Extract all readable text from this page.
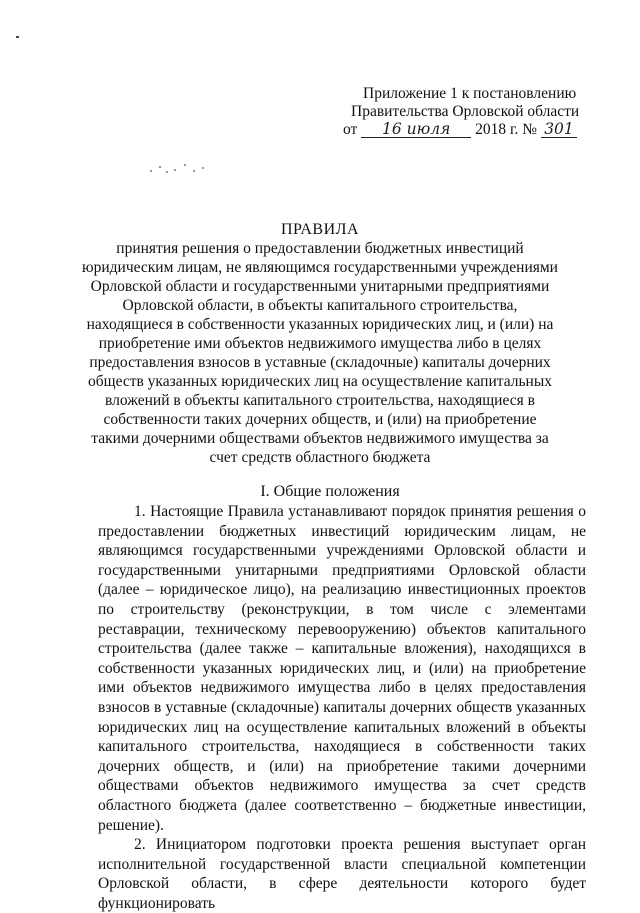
Приложение 1 к постановлению
Правительства Орловской области
от 16 июля 2018 г. № 301
ПРАВИЛА
принятия решения о предоставлении бюджетных инвестиций юридическим лицам, не являющимся государственными учреждениями Орловской области и государственными унитарными предприятиями Орловской области, в объекты капитального строительства, находящиеся в собственности указанных юридических лиц, и (или) на приобретение ими объектов недвижимого имущества либо в целях предоставления взносов в уставные (складочные) капиталы дочерних обществ указанных юридических лиц на осуществление капитальных вложений в объекты капитального строительства, находящиеся в собственности таких дочерних обществ, и (или) на приобретение такими дочерними обществами объектов недвижимого имущества за счет средств областного бюджета
I. Общие положения

1. Настоящие Правила устанавливают порядок принятия решения о предоставлении бюджетных инвестиций юридическим лицам, не являющимся государственными учреждениями Орловской области и государственными унитарными предприятиями Орловской области (далее – юридическое лицо), на реализацию инвестиционных проектов по строительству (реконструкции, в том числе с элементами реставрации, техническому перевооружению) объектов капитального строительства (далее также – капитальные вложения), находящихся в собственности указанных юридических лиц, и (или) на приобретение ими объектов недвижимого имущества либо в целях предоставления взносов в уставные (складочные) капиталы дочерних обществ указанных юридических лиц на осуществление капитальных вложений в объекты капитального строительства, находящиеся в собственности таких дочерних обществ, и (или) на приобретение такими дочерними обществами объектов недвижимого имущества за счет средств областного бюджета (далее соответственно – бюджетные инвестиции, решение).

2. Инициатором подготовки проекта решения выступает орган исполнительной государственной власти специальной компетенции Орловской области, в сфере деятельности которого будет функционировать
